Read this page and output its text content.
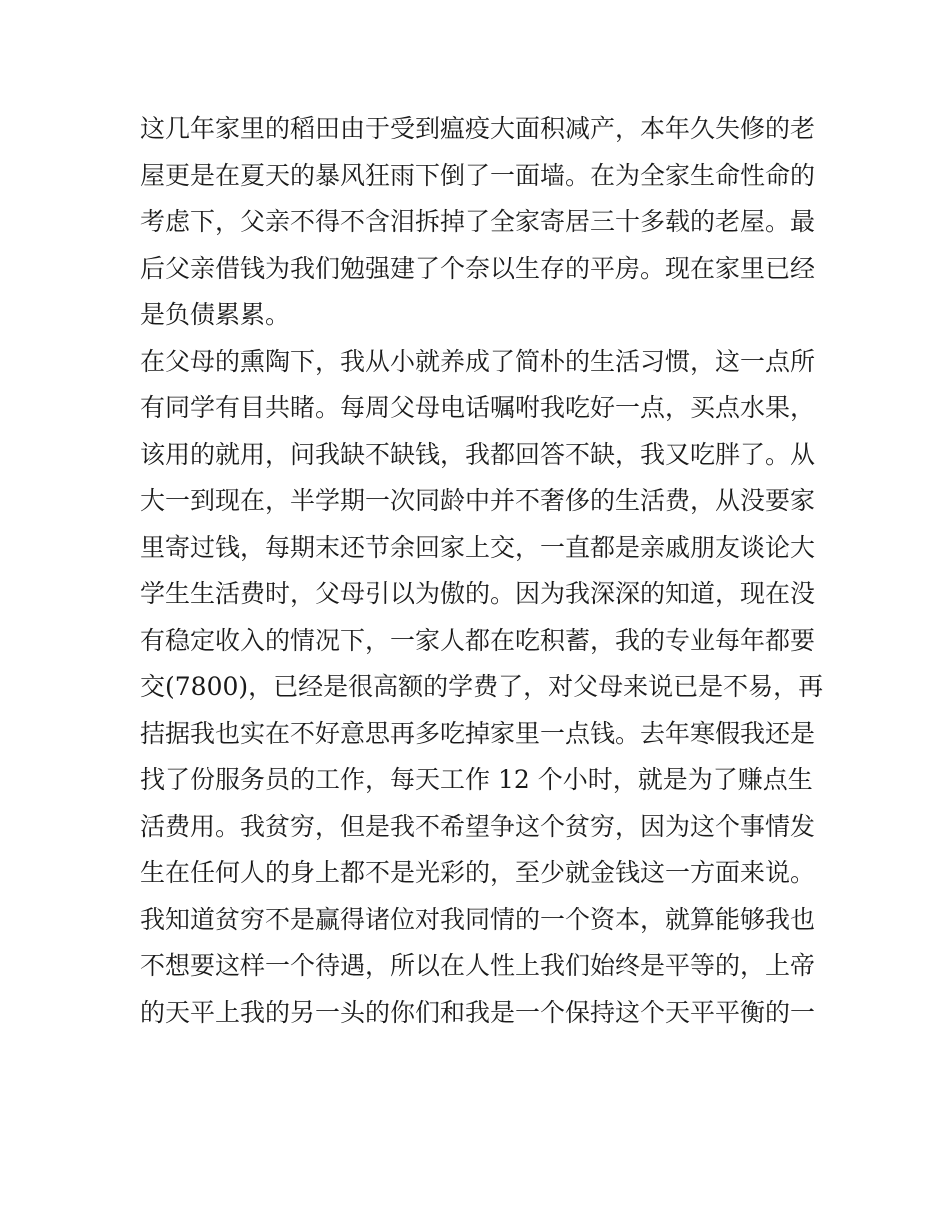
这几年家里的稻田由于受到瘟疫大面积减产，本年久失修的老
屋更是在夏天的暴风狂雨下倒了一面墙。在为全家生命性命的
考虑下，父亲不得不含泪拆掉了全家寄居三十多载的老屋。最
后父亲借钱为我们勉强建了个奈以生存的平房。现在家里已经
是负债累累。
在父母的熏陶下，我从小就养成了简朴的生活习惯，这一点所
有同学有目共睹。每周父母电话嘱咐我吃好一点，买点水果，
该用的就用，问我缺不缺钱，我都回答不缺，我又吃胖了。从
大一到现在，半学期一次同龄中并不奢侈的生活费，从没要家
里寄过钱，每期末还节余回家上交，一直都是亲戚朋友谈论大
学生生活费时，父母引以为傲的。因为我深深的知道，现在没
有稳定收入的情况下，一家人都在吃积蓄，我的专业每年都要
交(7800)，已经是很高额的学费了，对父母来说已是不易，再
拮据我也实在不好意思再多吃掉家里一点钱。去年寒假我还是
找了份服务员的工作，每天工作 12 个小时，就是为了赚点生
活费用。我贫穷，但是我不希望争这个贫穷，因为这个事情发
生在任何人的身上都不是光彩的，至少就金钱这一方面来说。
我知道贫穷不是赢得诸位对我同情的一个资本，就算能够我也
不想要这样一个待遇，所以在人性上我们始终是平等的，上帝
的天平上我的另一头的你们和我是一个保持这个天平平衡的一
